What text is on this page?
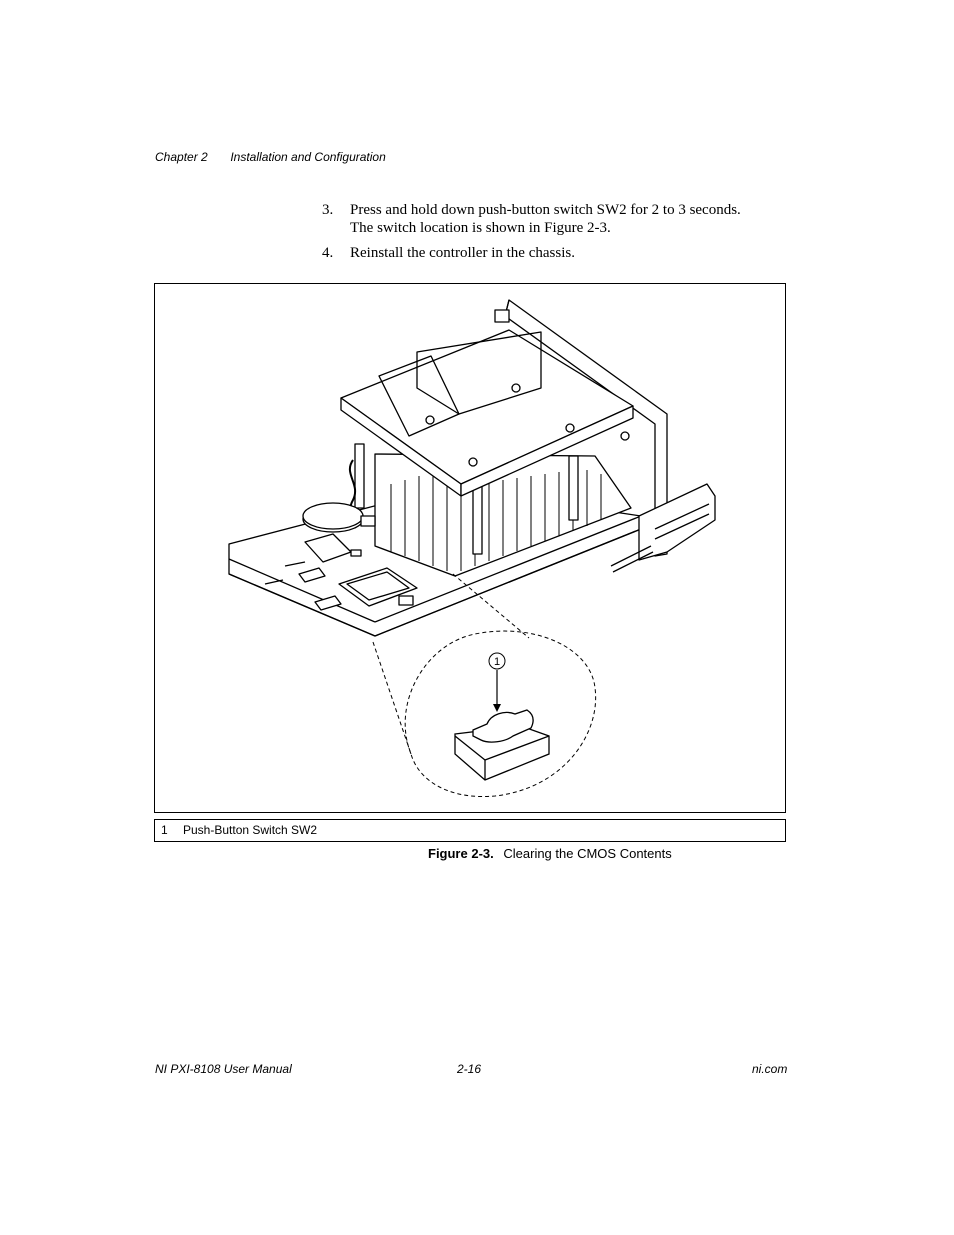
Chapter 2 Installation and Configuration
3. Press and hold down push-button switch SW2 for 2 to 3 seconds.
The switch location is shown in Figure 2-3.
4. Reinstall the controller in the chassis.
1
1 Push-Button Switch SW2
Figure 2-3. Clearing the CMOS Contents
NI PXI-8108 User Manual	2-16	ni.com
